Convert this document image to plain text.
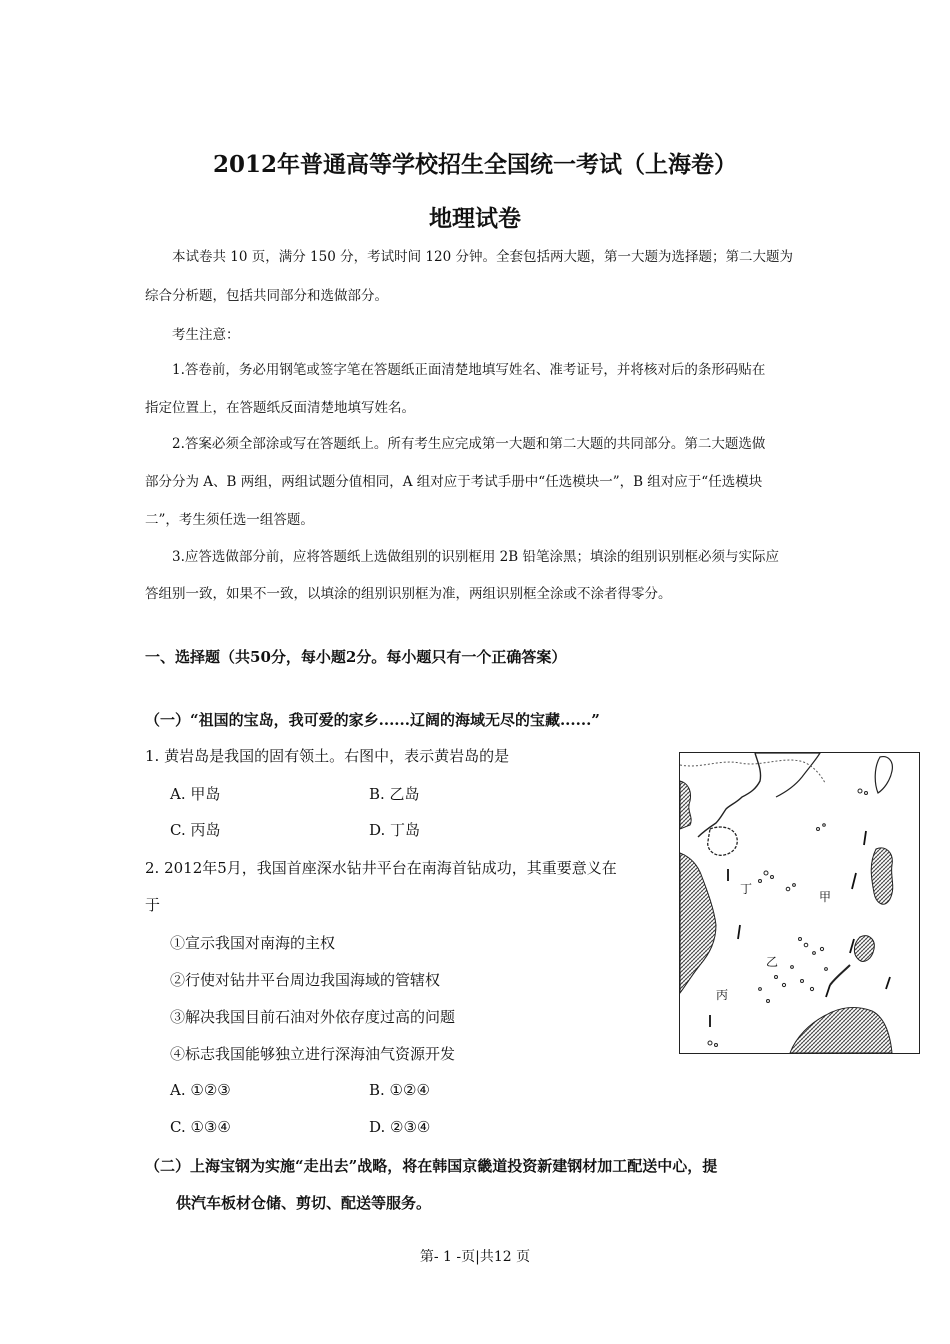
2012年普通高等学校招生全国统一考试（上海卷）
地理试卷
本试卷共 10 页，满分 150 分，考试时间 120 分钟。全套包括两大题，第一大题为选择题；第二大题为
综合分析题，包括共同部分和选做部分。
考生注意：
1.答卷前，务必用钢笔或签字笔在答题纸正面清楚地填写姓名、准考证号，并将核对后的条形码贴在
指定位置上，在答题纸反面清楚地填写姓名。
2.答案必须全部涂或写在答题纸上。所有考生应完成第一大题和第二大题的共同部分。第二大题选做
部分分为 A、B 两组，两组试题分值相同，A 组对应于考试手册中“任选模块一”，B 组对应于“任选模块
二”，考生须任选一组答题。
3.应答选做部分前，应将答题纸上选做组别的识别框用 2B 铅笔涂黑；填涂的组别识别框必须与实际应
答组别一致，如果不一致，以填涂的组别识别框为准，两组识别框全涂或不涂者得零分。
一、选择题（共50分，每小题2分。每小题只有一个正确答案）
（一）“祖国的宝岛，我可爱的家乡......辽阔的海域无尽的宝藏......”
1. 黄岩岛是我国的固有领土。右图中，表示黄岩岛的是
A. 甲岛	B. 乙岛
C. 丙岛	D. 丁岛
2. 2012年5月，我国首座深水钻井平台在南海首钻成功，其重要意义在
于
①宣示我国对南海的主权
②行使对钻井平台周边我国海域的管辖权
③解决我国目前石油对外依存度过高的问题
④标志我国能够独立进行深海油气资源开发
A. ①②③	B. ①②④
C. ①③④	D. ②③④
（二）上海宝钢为实施“走出去”战略，将在韩国京畿道投资新建钢材加工配送中心，提
供汽车板材仓储、剪切、配送等服务。
甲
乙
丙
丁
第- 1 -页|共12 页
